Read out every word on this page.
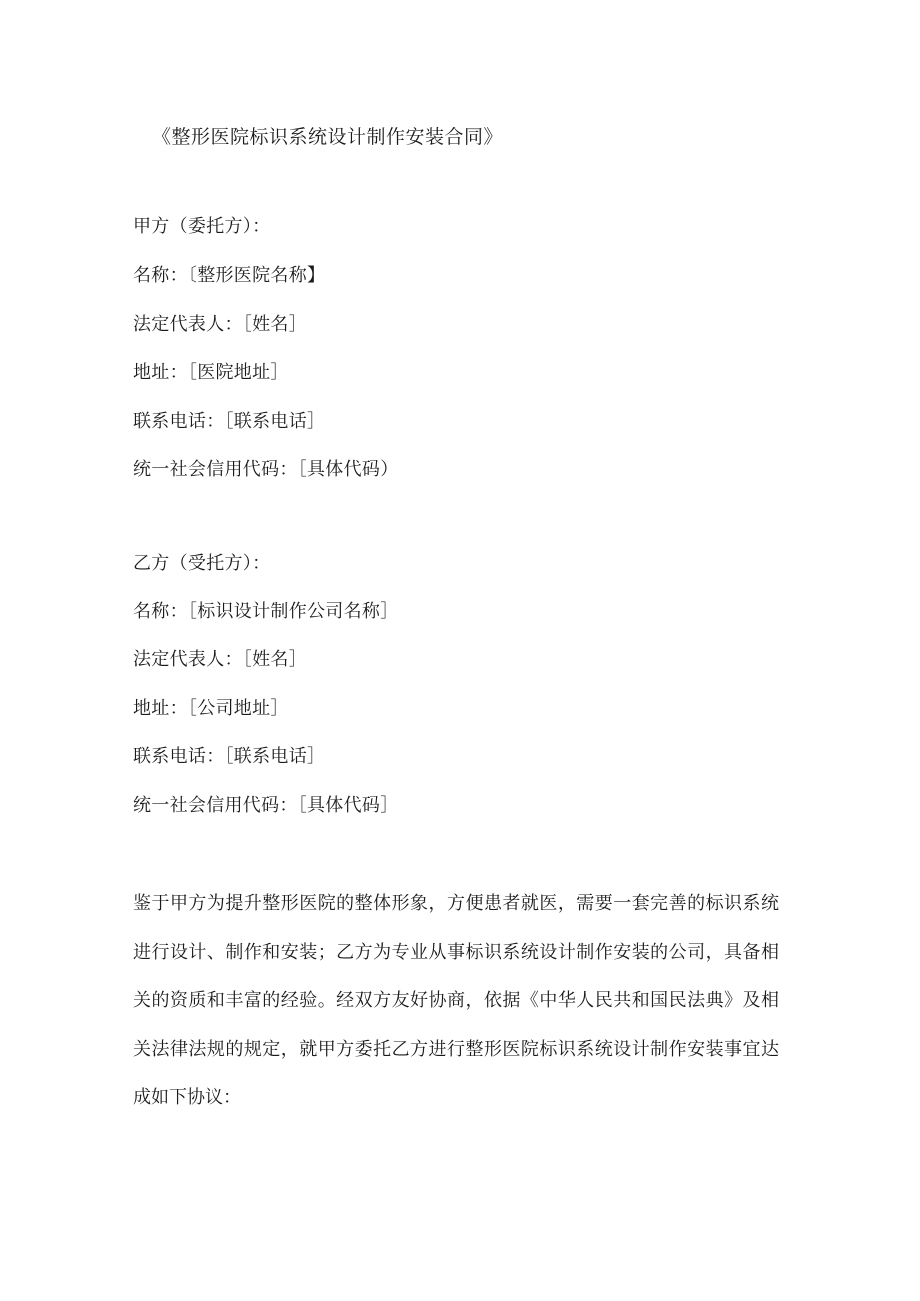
《整形医院标识系统设计制作安装合同》
甲方（委托方）：
名称：〔整形医院名称】
法定代表人：［姓名］
地址：［医院地址］
联系电话：［联系电话］
统一社会信用代码：［具体代码）
乙方（受托方）：
名称：［标识设计制作公司名称］
法定代表人：［姓名］
地址：［公司地址］
联系电话：［联系电话］
统一社会信用代码：［具体代码］
鉴于甲方为提升整形医院的整体形象，方便患者就医，需要一套完善的标识系统
进行设计、制作和安装；乙方为专业从事标识系统设计制作安装的公司，具备相
关的资质和丰富的经验。经双方友好协商，依据《中华人民共和国民法典》及相
关法律法规的规定，就甲方委托乙方进行整形医院标识系统设计制作安装事宜达
成如下协议：
